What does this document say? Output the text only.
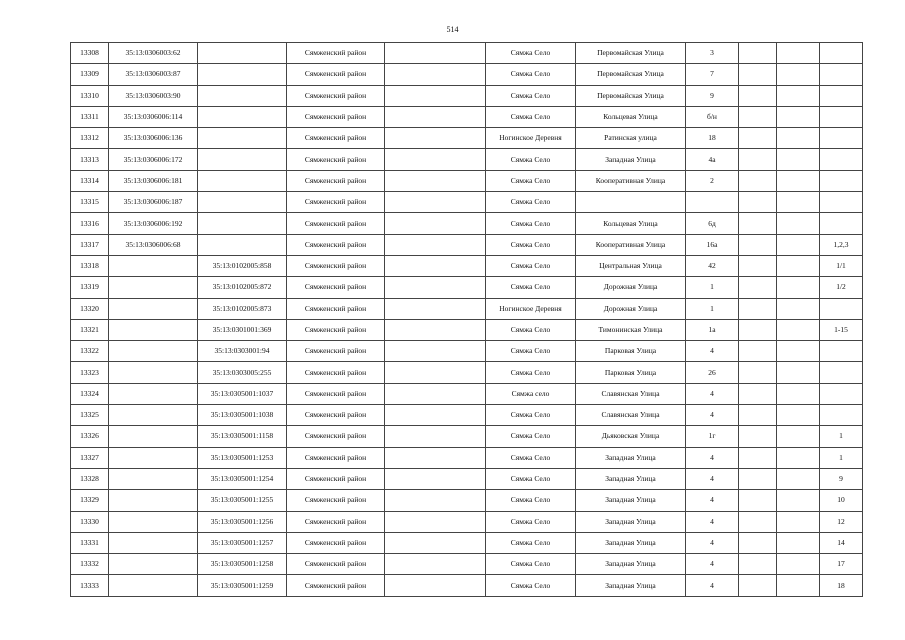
514
13308	35:13:0306003:62		Сямженский район		Сямжа Село	Первомайская Улица	3			
13309	35:13:0306003:87		Сямженский район		Сямжа Село	Первомайская Улица	7			
13310	35:13:0306003:90		Сямженский район		Сямжа Село	Первомайская Улица	9			
13311	35:13:0306006:114		Сямженский район		Сямжа Село	Кольцевая Улица	б/н			
13312	35:13:0306006:136		Сямженский район		Ногинское Деревня	Ратинская улица	18			
13313	35:13:0306006:172		Сямженский район		Сямжа Село	Западная Улица	4а			
13314	35:13:0306006:181		Сямженский район		Сямжа Село	Кооперативная Улица	2			
13315	35:13:0306006:187		Сямженский район		Сямжа Село					
13316	35:13:0306006:192		Сямженский район		Сямжа Село	Кольцевая Улица	6д			
13317	35:13:0306006:68		Сямженский район		Сямжа Село	Кооперативная Улица	16а			1,2,3
13318		35:13:0102005:858	Сямженский район		Сямжа Село	Центральная Улица	42			1/1
13319		35:13:0102005:872	Сямженский район		Сямжа Село	Дорожная Улица	1			1/2
13320		35:13:0102005:873	Сямженский район		Ногинское Деревня	Дорожная Улица	1			
13321		35:13:0301001:369	Сямженский район		Сямжа Село	Тимонинская Улица	1а			1-15
13322		35:13:0303001:94	Сямженский район		Сямжа Село	Парковая Улица	4			
13323		35:13:0303005:255	Сямженский район		Сямжа Село	Парковая Улица	26			
13324		35:13:0305001:1037	Сямженский район		Сямжа село	Славянская Улица	4			
13325		35:13:0305001:1038	Сямженский район		Сямжа Село	Славянская Улица	4			
13326		35:13:0305001:1158	Сямженский район		Сямжа Село	Дьяковская Улица	1г			1
13327		35:13:0305001:1253	Сямженский район		Сямжа Село	Западная Улица	4			1
13328		35:13:0305001:1254	Сямженский район		Сямжа Село	Западная Улица	4			9
13329		35:13:0305001:1255	Сямженский район		Сямжа Село	Западная Улица	4			10
13330		35:13:0305001:1256	Сямженский район		Сямжа Село	Западная Улица	4			12
13331		35:13:0305001:1257	Сямженский район		Сямжа Село	Западная Улица	4			14
13332		35:13:0305001:1258	Сямженский район		Сямжа Село	Западная Улица	4			17
13333		35:13:0305001:1259	Сямженский район		Сямжа Село	Западная Улица	4			18
